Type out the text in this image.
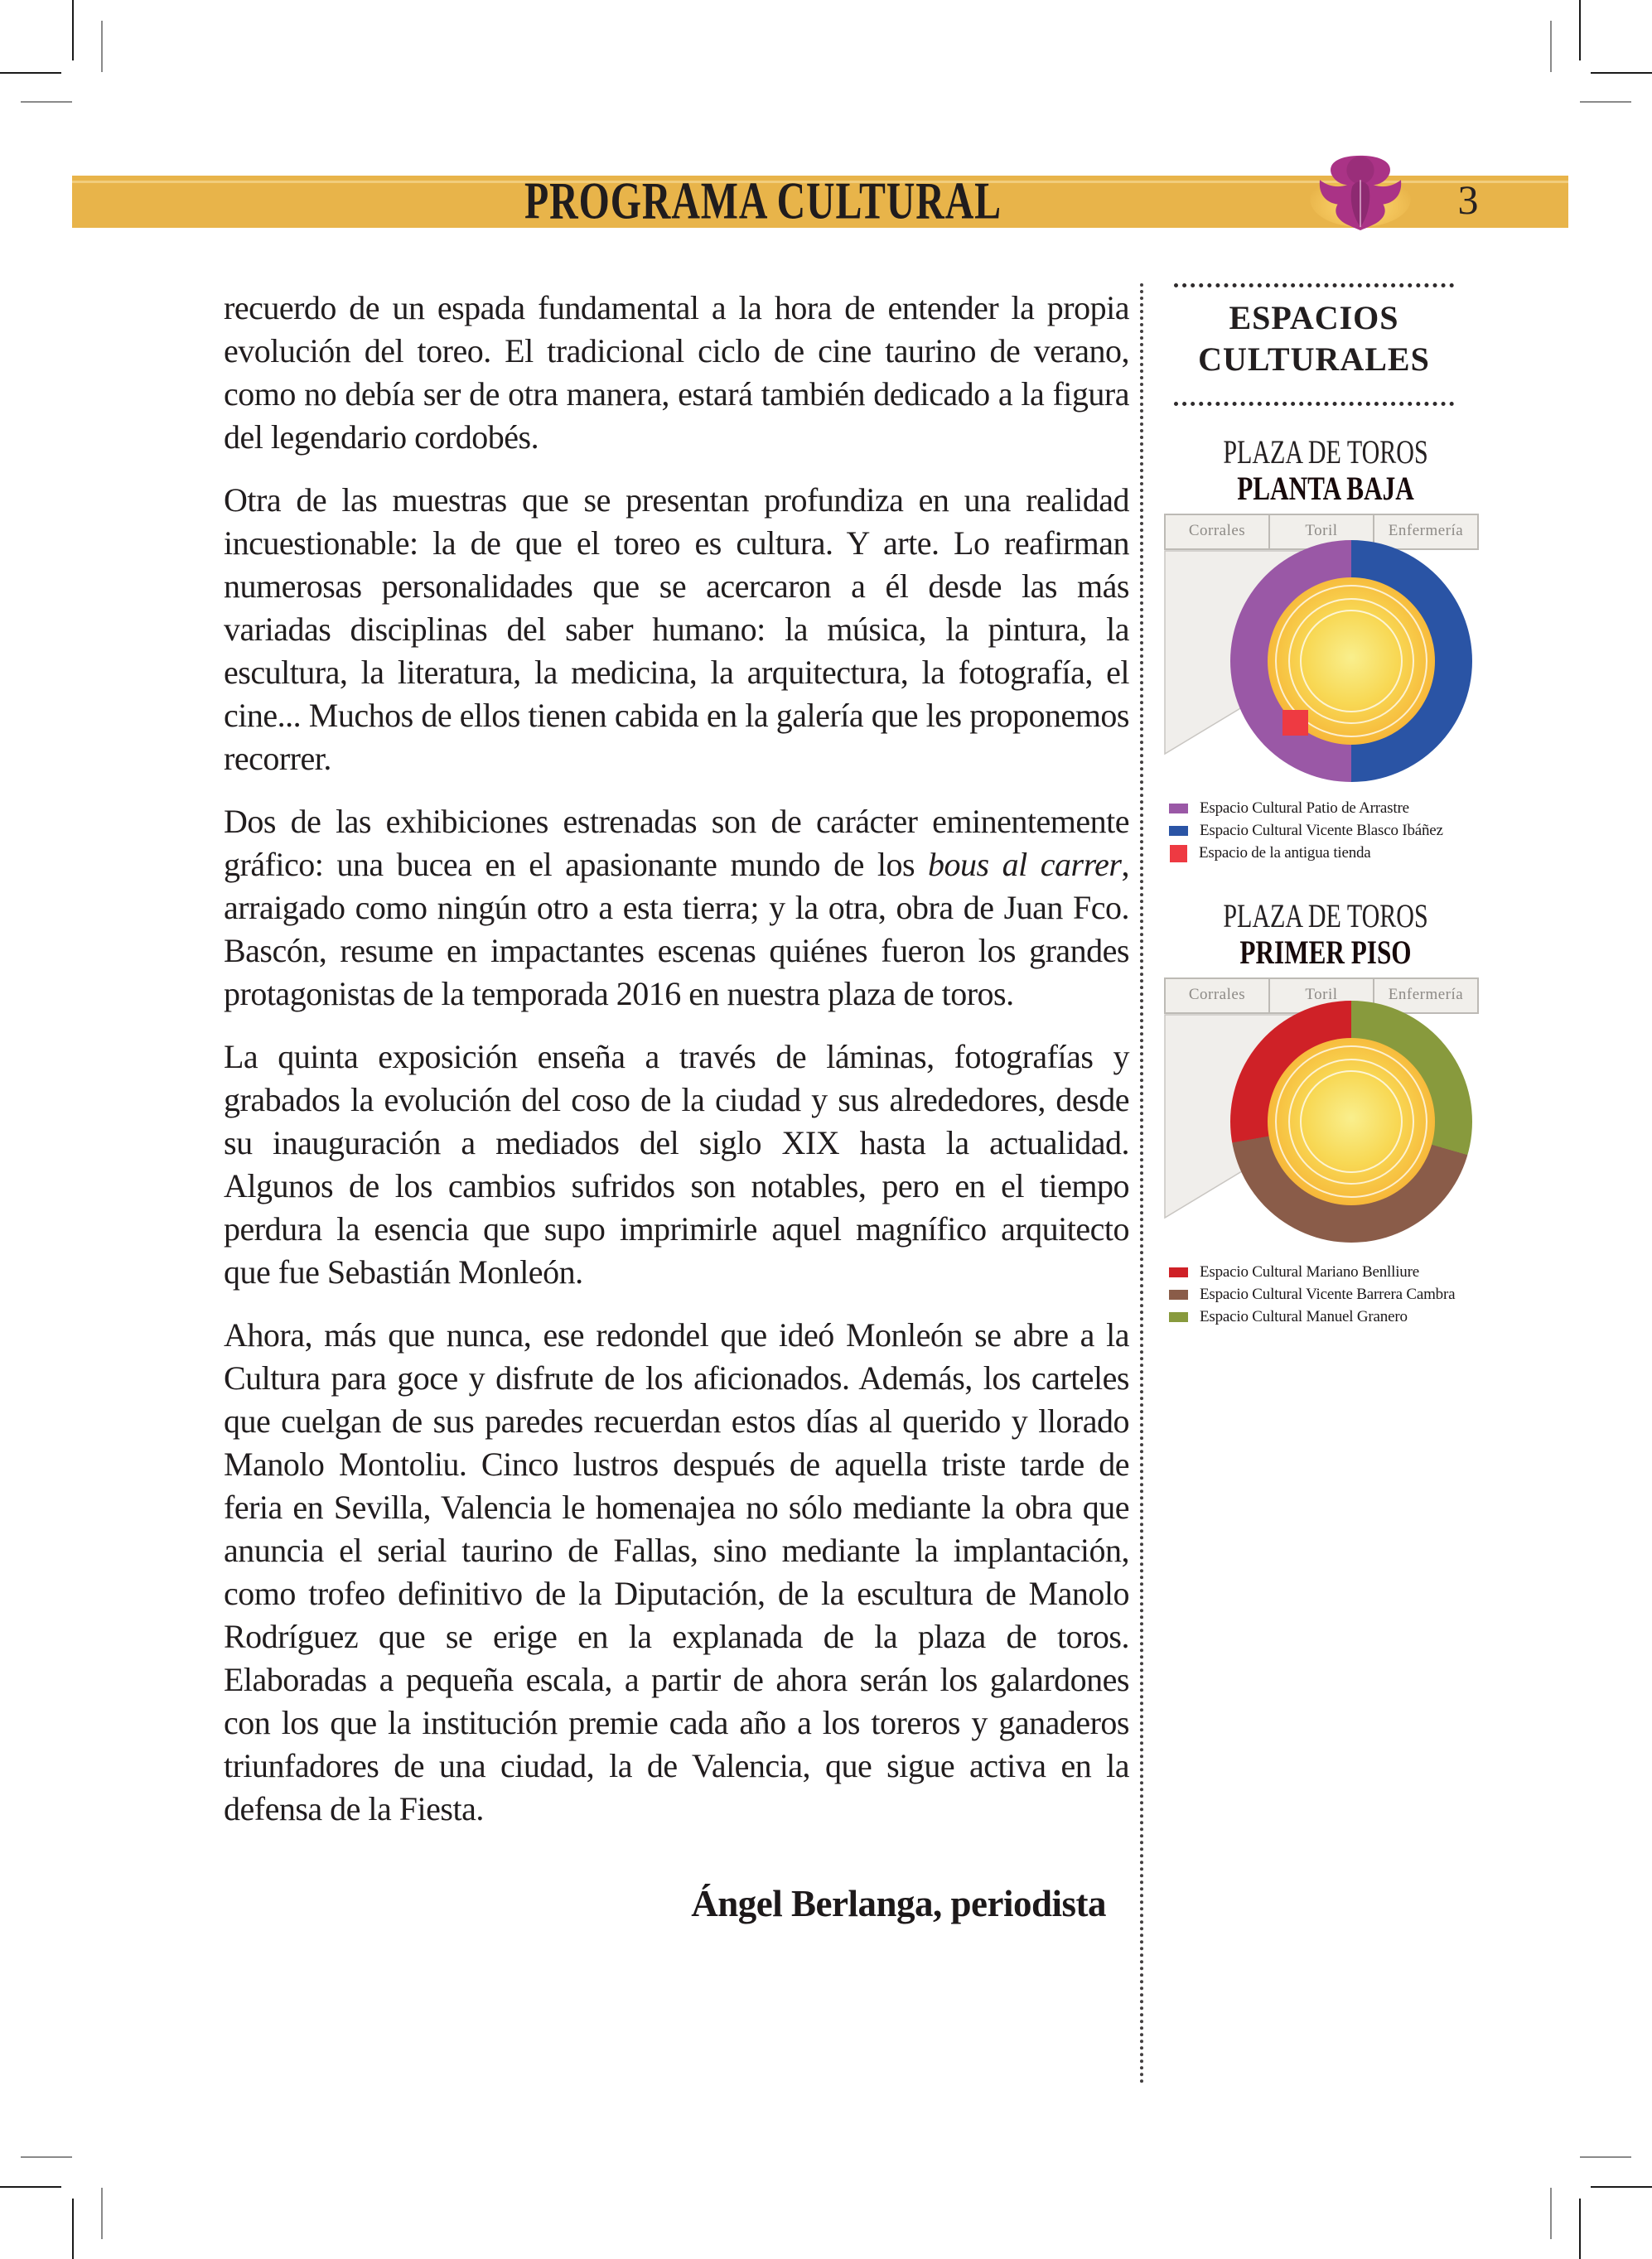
PROGRAMA CULTURAL	3

recuerdo de un espada fundamental a la hora de entender la propia evolución del toreo. El tradicional ciclo de cine taurino de verano, como no debía ser de otra manera, estará también dedicado a la figura del legendario cordobés.

Otra de las muestras que se presentan profundiza en una realidad incuestionable: la de que el toreo es cultura. Y arte. Lo reafirman numerosas personalidades que se acercaron a él desde las más variadas disciplinas del saber humano: la música, la pintura, la escultura, la literatura, la medicina, la arquitectura, la fotografía, el cine... Muchos de ellos tienen cabida en la galería que les proponemos recorrer.

Dos de las exhibiciones estrenadas son de carácter eminentemente gráfico: una bucea en el apasionante mundo de los bous al carrer, arraigado como ningún otro a esta tierra; y la otra, obra de Juan Fco. Bascón, resume en impactantes escenas quiénes fueron los grandes protagonistas de la temporada 2016 en nuestra plaza de toros.

La quinta exposición enseña a través de láminas, fotografías y grabados la evolución del coso de la ciudad y sus alrededores, desde su inauguración a mediados del siglo XIX hasta la actualidad. Algunos de los cambios sufridos son notables, pero en el tiempo perdura la esencia que supo imprimirle aquel magnífico arquitecto que fue Sebastián Monleón.

Ahora, más que nunca, ese redondel que ideó Monleón se abre a la Cultura para goce y disfrute de los aficionados. Además, los carteles que cuelgan de sus paredes recuerdan estos días al querido y llorado Manolo Montoliu. Cinco lustros después de aquella triste tarde de feria en Sevilla, Valencia le homenajea no sólo mediante la obra que anuncia el serial taurino de Fallas, sino mediante la implantación, como trofeo definitivo de la Diputación, de la escultura de Manolo Rodríguez que se erige en la explanada de la plaza de toros. Elaboradas a pequeña escala, a partir de ahora serán los galardones con los que la institución premie cada año a los toreros y ganaderos triunfadores de una ciudad, la de Valencia, que sigue activa en la defensa de la Fiesta.

Ángel Berlanga, periodista
ESPACIOS
CULTURALES
PLAZA DE TOROS
PLANTA BAJA
Corrales	Toril	Enfermería
Espacio Cultural Patio de Arrastre
Espacio Cultural Vicente Blasco Ibáñez
Espacio de la antigua tienda
PLAZA DE TOROS
PRIMER PISO
Corrales	Toril	Enfermería
Espacio Cultural Mariano Benlliure
Espacio Cultural Vicente Barrera Cambra
Espacio Cultural Manuel Granero
